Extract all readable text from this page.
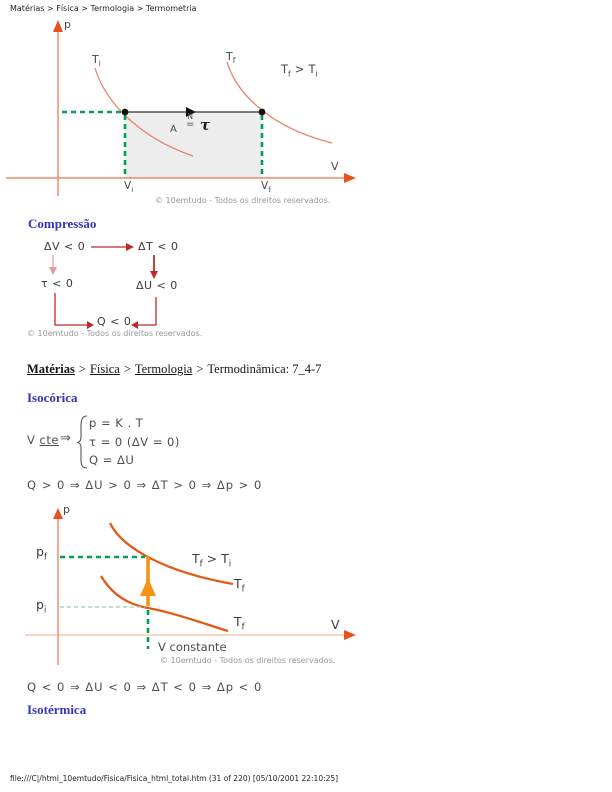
Matérias > Física > Termologia > Termometria
p
$T_i$
$T_f$
$T_f > T_i$
A
N
= τ
$V_i$	$V_f$
V
© 10emtudo - Todos os direitos reservados.
Compressão
ΔV < 0	ΔT < 0
τ < 0	ΔU < 0
Q < 0
© 10emtudo - Todos os direitos reservados.
Matérias > Física > Termologia > Termodinâmica: 7_4-7
Isocórica
V cte ⇒
p = K . T
τ = 0 (ΔV = 0)
Q = ΔU
Q > 0 ⇒ ΔU > 0 ⇒ ΔT > 0 ⇒ Δp > 0
p
$p_f$
$p_i$
$T_f > T_i$
$T_f$
$T_f$	V
V constante
© 10emtudo - Todos os direitos reservados.
Q < 0 ⇒ ΔU < 0 ⇒ ΔT < 0 ⇒ Δp < 0
Isotérmica
file:///C|/html_10emtudo/Fisica/Fisica_html_total.htm (31 of 220) [05/10/2001 22:10:25]
